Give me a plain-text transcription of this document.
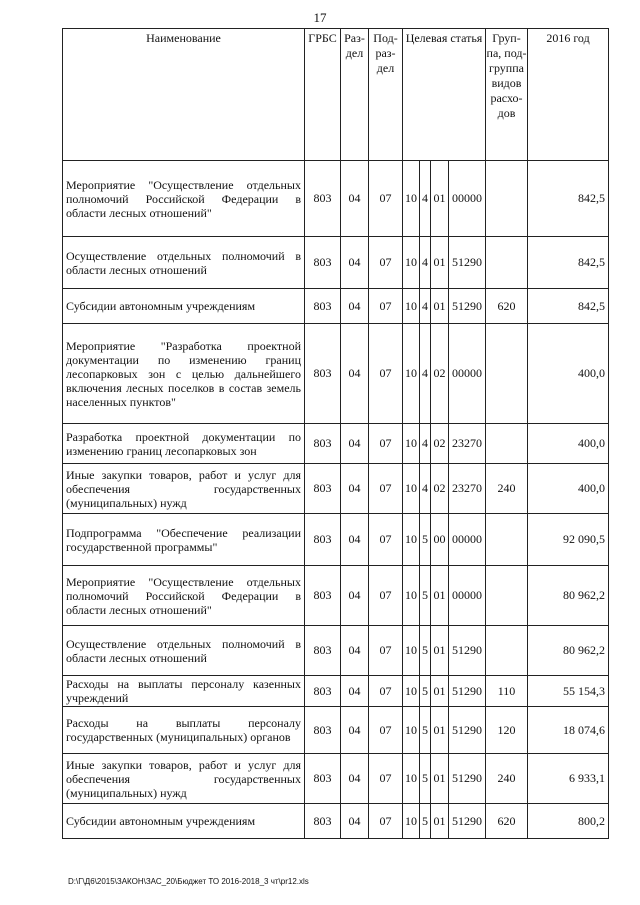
17
Наименование	ГРБС	Раз-дел	Под-раз-дел	Целевая статья				Груп-па, под-группа видов расхо-дов	2016 год
Мероприятие "Осуществление отдельных полномочий Российской Федерации в области лесных отношений"	803	04	07	10	4	01	00000		842,5
Осуществление отдельных полномочий в области лесных отношений	803	04	07	10	4	01	51290		842,5
Субсидии автономным учреждениям	803	04	07	10	4	01	51290	620	842,5
Мероприятие "Разработка проектной документации по изменению границ лесопарковых зон с целью дальнейшего включения лесных поселков в состав земель населенных пунктов"	803	04	07	10	4	02	00000		400,0
Разработка проектной документации по изменению границ лесопарковых зон	803	04	07	10	4	02	23270		400,0
Иные закупки товаров, работ и услуг для обеспечения государственных (муниципальных) нужд	803	04	07	10	4	02	23270	240	400,0
Подпрограмма "Обеспечение реализации государственной программы"	803	04	07	10	5	00	00000		92 090,5
Мероприятие "Осуществление отдельных полномочий Российской Федерации в области лесных отношений"	803	04	07	10	5	01	00000		80 962,2
Осуществление отдельных полномочий в области лесных отношений	803	04	07	10	5	01	51290		80 962,2
Расходы на выплаты персоналу казенных учреждений	803	04	07	10	5	01	51290	110	55 154,3
Расходы на выплаты персоналу государственных (муниципальных) органов	803	04	07	10	5	01	51290	120	18 074,6
Иные закупки товаров, работ и услуг для обеспечения государственных (муниципальных) нужд	803	04	07	10	5	01	51290	240	6 933,1
Субсидии автономным учреждениям	803	04	07	10	5	01	51290	620	800,2
D:\Г\Д6\2015\ЗАКОН\ЗАС_20\Бюджет ТО 2016-2018_3 чт\pr12.xls
